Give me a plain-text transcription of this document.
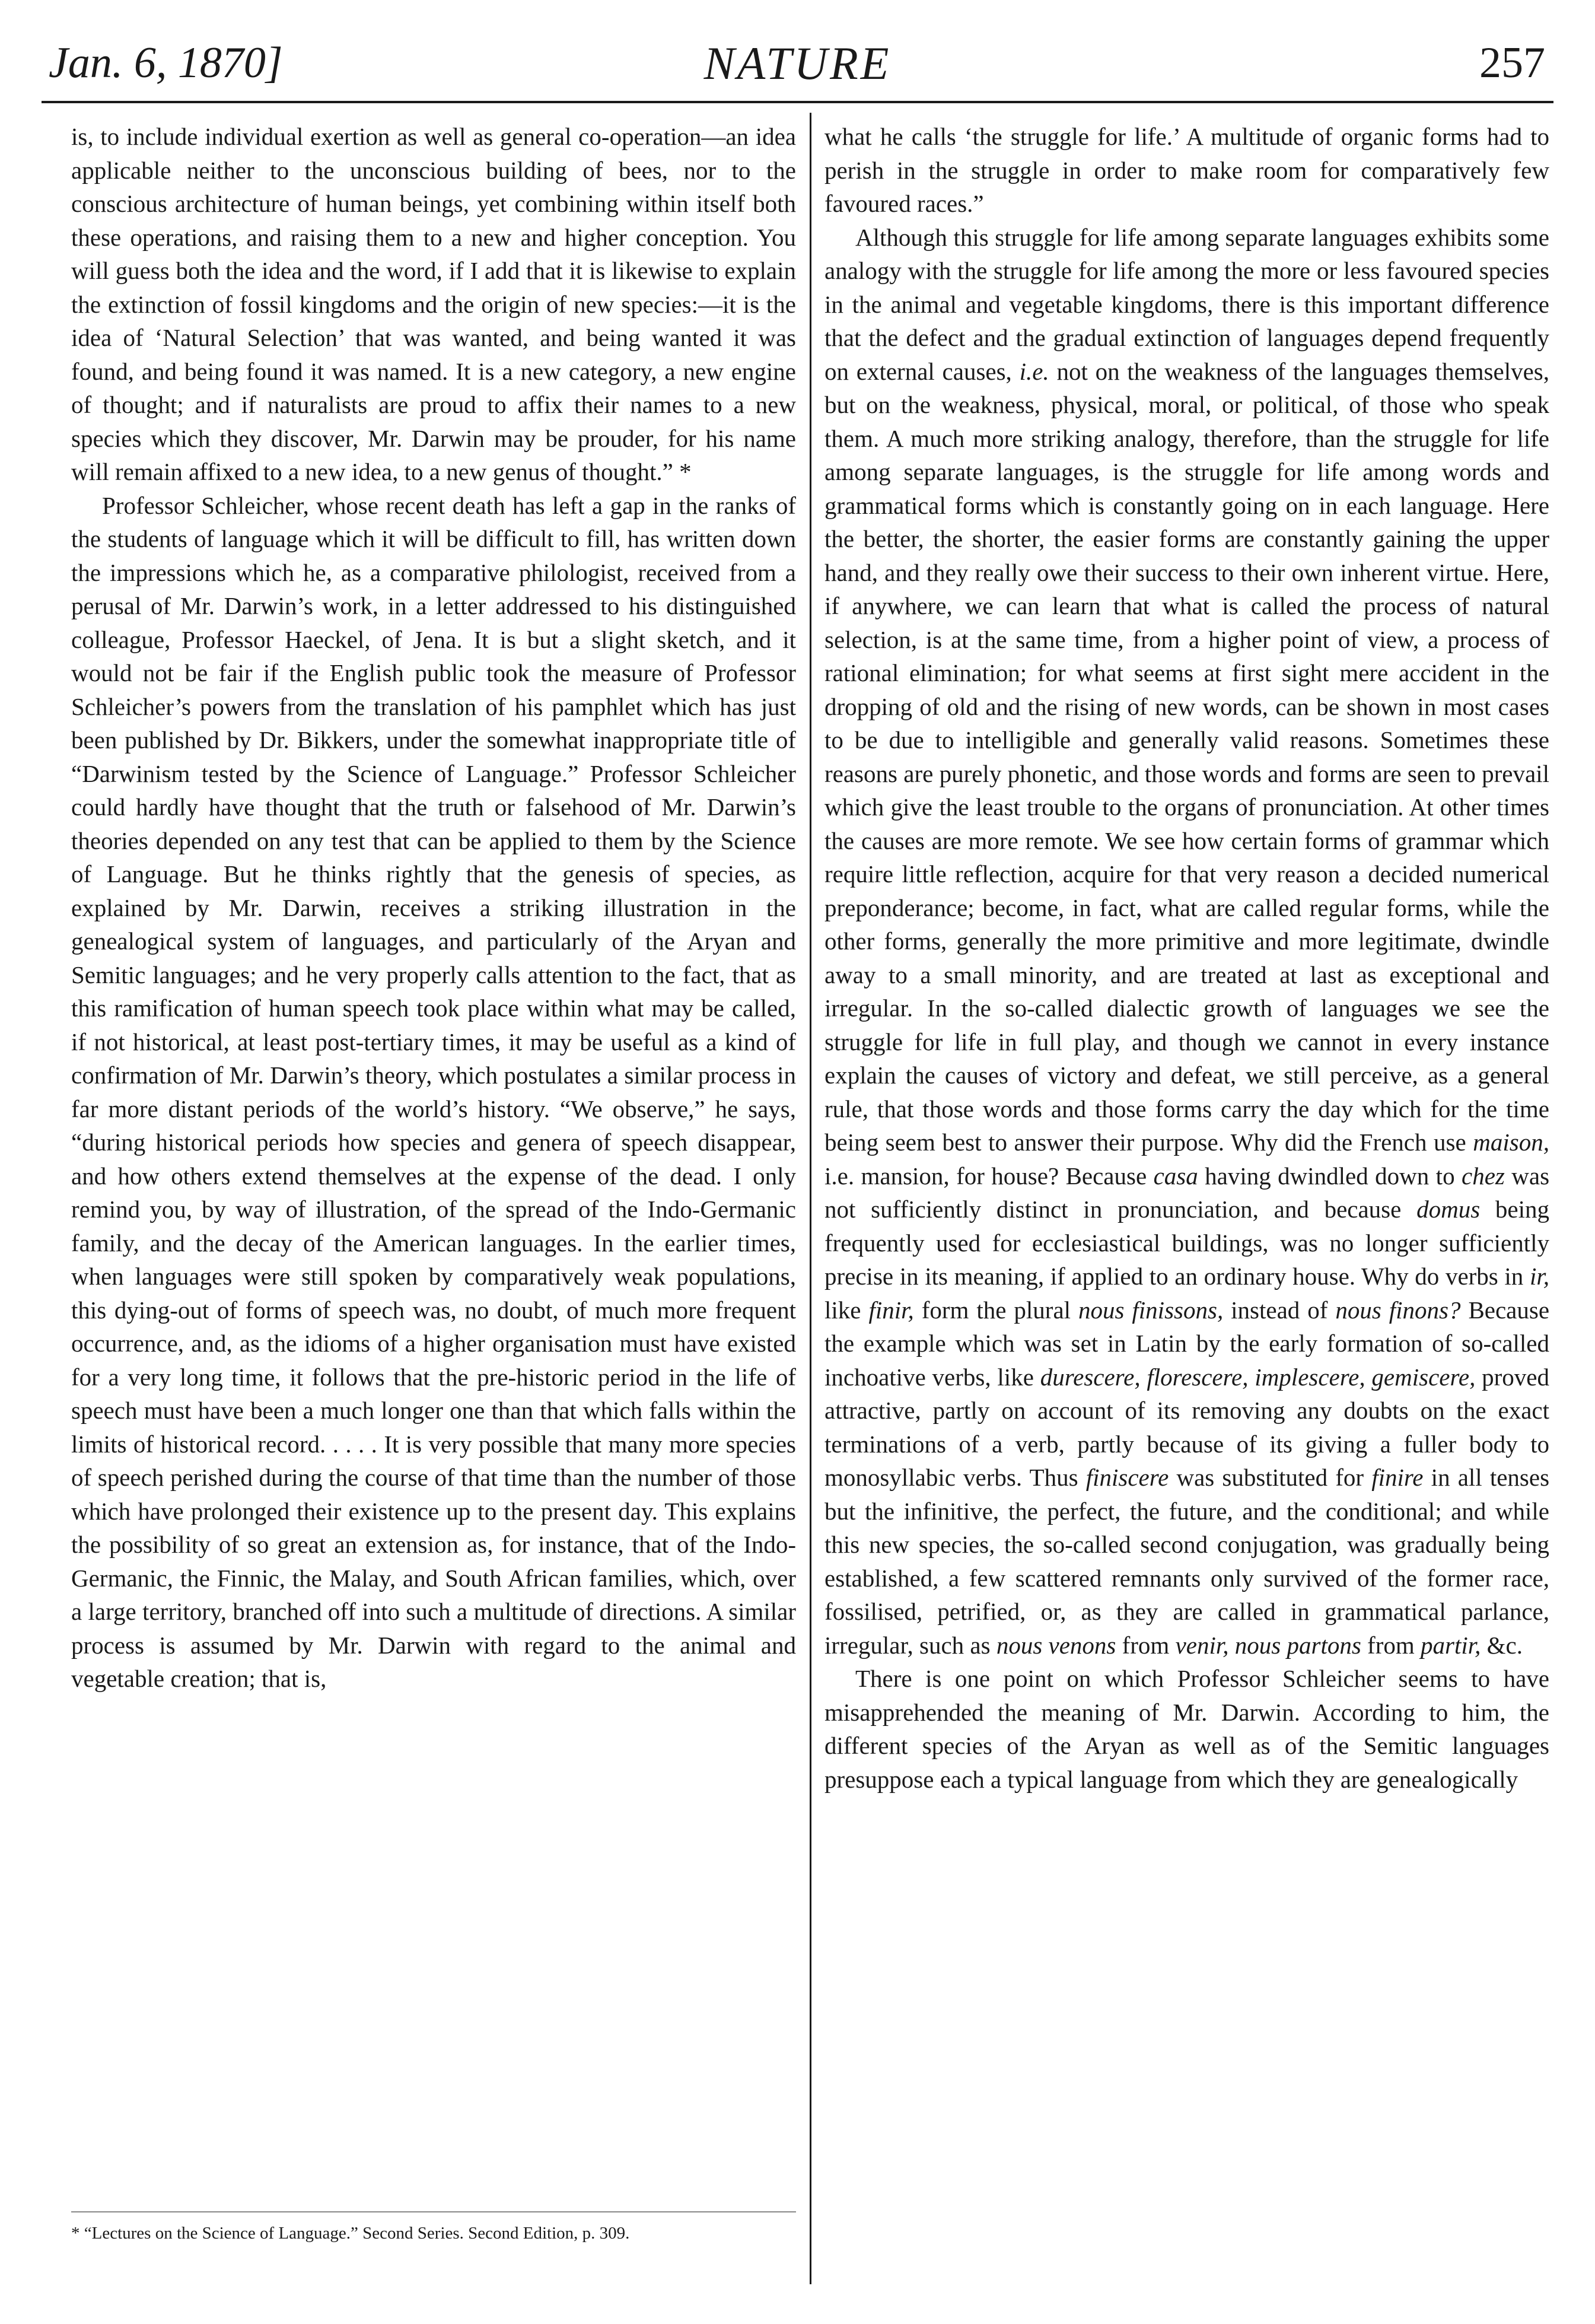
Jan. 6, 1870]	NATURE	257

is, to include individual exertion as well as general co-operation—an idea applicable neither to the unconscious building of bees, nor to the conscious architecture of human beings, yet combining within itself both these operations, and raising them to a new and higher conception. You will guess both the idea and the word, if I add that it is likewise to explain the extinction of fossil kingdoms and the origin of new species:—it is the idea of ‘Natural Selection’ that was wanted, and being wanted it was found, and being found it was named. It is a new category, a new engine of thought; and if naturalists are proud to affix their names to a new species which they discover, Mr. Darwin may be prouder, for his name will remain affixed to a new idea, to a new genus of thought.” *

Professor Schleicher, whose recent death has left a gap in the ranks of the students of language which it will be difficult to fill, has written down the impressions which he, as a comparative philologist, received from a perusal of Mr. Darwin’s work, in a letter addressed to his distinguished colleague, Professor Haeckel, of Jena. It is but a slight sketch, and it would not be fair if the English public took the measure of Professor Schleicher’s powers from the translation of his pamphlet which has just been published by Dr. Bikkers, under the somewhat inappropriate title of “Darwinism tested by the Science of Language.” Professor Schleicher could hardly have thought that the truth or falsehood of Mr. Darwin’s theories depended on any test that can be applied to them by the Science of Language. But he thinks rightly that the genesis of species, as explained by Mr. Darwin, receives a striking illustration in the genealogical system of languages, and particularly of the Aryan and Semitic languages; and he very properly calls attention to the fact, that as this ramification of human speech took place within what may be called, if not historical, at least post-tertiary times, it may be useful as a kind of confirmation of Mr. Darwin’s theory, which postulates a similar process in far more distant periods of the world’s history. “We observe,” he says, “during historical periods how species and genera of speech disappear, and how others extend themselves at the expense of the dead. I only remind you, by way of illustration, of the spread of the Indo-Germanic family, and the decay of the American languages. In the earlier times, when languages were still spoken by comparatively weak populations, this dying-out of forms of speech was, no doubt, of much more frequent occurrence, and, as the idioms of a higher organisation must have existed for a very long time, it follows that the pre-historic period in the life of speech must have been a much longer one than that which falls within the limits of historical record. . . . . It is very possible that many more species of speech perished during the course of that time than the number of those which have prolonged their existence up to the present day. This explains the possibility of so great an extension as, for instance, that of the Indo-Germanic, the Finnic, the Malay, and South African families, which, over a large territory, branched off into such a multitude of directions. A similar process is assumed by Mr. Darwin with regard to the animal and vegetable creation; that is,

what he calls ‘the struggle for life.’ A multitude of organic forms had to perish in the struggle in order to make room for comparatively few favoured races.”

Although this struggle for life among separate languages exhibits some analogy with the struggle for life among the more or less favoured species in the animal and vegetable kingdoms, there is this important difference that the defect and the gradual extinction of languages depend frequently on external causes, i.e. not on the weakness of the languages themselves, but on the weakness, physical, moral, or political, of those who speak them. A much more striking analogy, therefore, than the struggle for life among separate languages, is the struggle for life among words and grammatical forms which is constantly going on in each language. Here the better, the shorter, the easier forms are constantly gaining the upper hand, and they really owe their success to their own inherent virtue. Here, if anywhere, we can learn that what is called the process of natural selection, is at the same time, from a higher point of view, a process of rational elimination; for what seems at first sight mere accident in the dropping of old and the rising of new words, can be shown in most cases to be due to intelligible and generally valid reasons. Sometimes these reasons are purely phonetic, and those words and forms are seen to prevail which give the least trouble to the organs of pronunciation. At other times the causes are more remote. We see how certain forms of grammar which require little reflection, acquire for that very reason a decided numerical preponderance; become, in fact, what are called regular forms, while the other forms, generally the more primitive and more legitimate, dwindle away to a small minority, and are treated at last as exceptional and irregular. In the so-called dialectic growth of languages we see the struggle for life in full play, and though we cannot in every instance explain the causes of victory and defeat, we still perceive, as a general rule, that those words and those forms carry the day which for the time being seem best to answer their purpose. Why did the French use maison, i.e. mansion, for house? Because casa having dwindled down to chez was not sufficiently distinct in pronunciation, and because domus being frequently used for ecclesiastical buildings, was no longer sufficiently precise in its meaning, if applied to an ordinary house. Why do verbs in ir, like finir, form the plural nous finissons, instead of nous finons? Because the example which was set in Latin by the early formation of so-called inchoative verbs, like durescere, florescere, implescere, gemiscere, proved attractive, partly on account of its removing any doubts on the exact terminations of a verb, partly because of its giving a fuller body to monosyllabic verbs. Thus finiscere was substituted for finire in all tenses but the infinitive, the perfect, the future, and the conditional; and while this new species, the so-called second conjugation, was gradually being established, a few scattered remnants only survived of the former race, fossilised, petrified, or, as they are called in grammatical parlance, irregular, such as nous venons from venir, nous partons from partir, &c.

There is one point on which Professor Schleicher seems to have misapprehended the meaning of Mr. Darwin. According to him, the different species of the Aryan as well as of the Semitic languages presuppose each a typical language from which they are genealogically

* “Lectures on the Science of Language.” Second Series. Second Edition, p. 309.
